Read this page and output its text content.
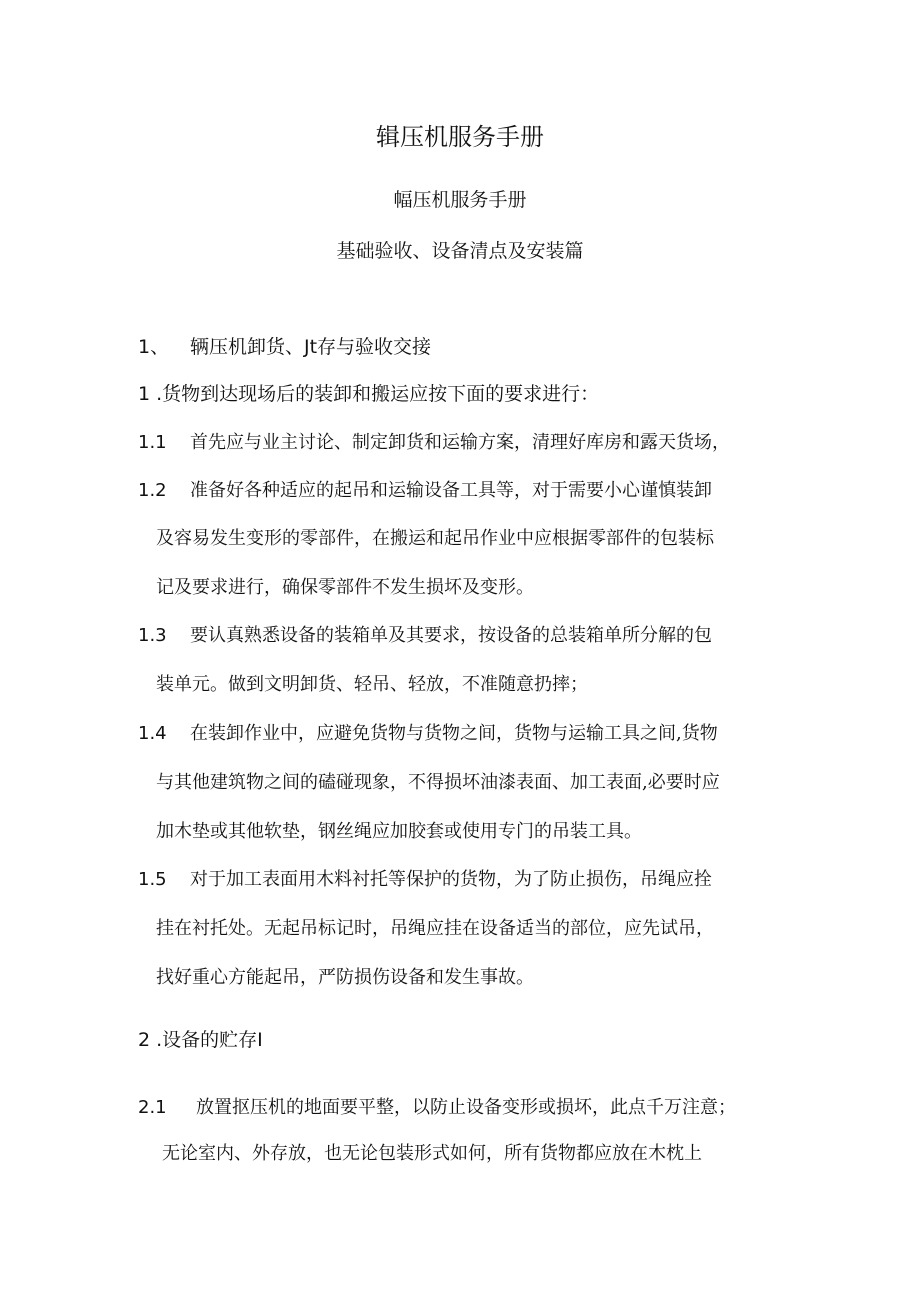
辑压机服务手册
幅压机服务手册
基础验收、设备清点及安装篇
1、 辆压机卸货、Jt存与验收交接
1 .货物到达现场后的装卸和搬运应按下面的要求进行：
1.1 首先应与业主讨论、制定卸货和运输方案，清理好库房和露天货场，
1.2 准备好各种适应的起吊和运输设备工具等，对于需要小心谨慎装卸
及容易发生变形的零部件，在搬运和起吊作业中应根据零部件的包装标
记及要求进行，确保零部件不发生损坏及变形。
1.3 要认真熟悉设备的装箱单及其要求，按设备的总装箱单所分解的包
装单元。做到文明卸货、轻吊、轻放，不准随意扔摔；
1.4 在装卸作业中，应避免货物与货物之间，货物与运输工具之间,货物
与其他建筑物之间的磕碰现象，不得损坏油漆表面、加工表面,必要时应
加木垫或其他软垫，钢丝绳应加胶套或使用专门的吊装工具。
1.5 对于加工表面用木料衬托等保护的货物，为了防止损伤，吊绳应拴
挂在衬托处。无起吊标记时，吊绳应挂在设备适当的部位，应先试吊，
找好重心方能起吊，严防损伤设备和发生事故。
2 .设备的贮存I
2.1 放置抠压机的地面要平整，以防止设备变形或损坏，此点千万注意；
无论室内、外存放，也无论包装形式如何，所有货物都应放在木枕上
